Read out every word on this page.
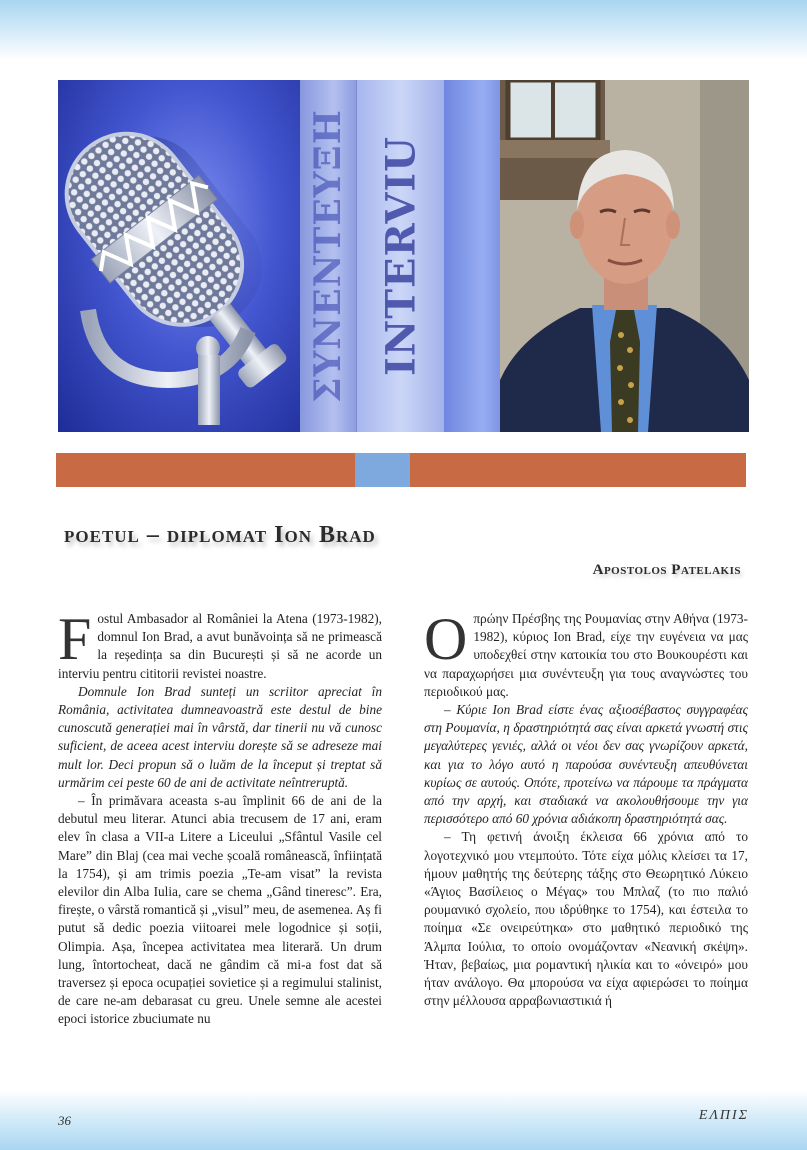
ΣΥΝΕΝΤΕΥΞΗ INTERVIU
poetul – diplomat Ion Brad
Apostolos Patelakis

Fostul Ambasador al României la Atena (1973-1982), domnul Ion Brad, a avut bunăvoința să ne primească la reședința sa din București și să ne acorde un interviu pentru cititorii revistei noastre.

Domnule Ion Brad sunteți un scriitor apreciat în România, activitatea dumneavoastră este destul de bine cunoscută generației mai în vârstă, dar tinerii nu vă cunosc suficient, de aceea acest interviu dorește să se adreseze mai mult lor. Deci propun să o luăm de la început și treptat să urmărim cei peste 60 de ani de activitate neîntreruptă.

– În primăvara aceasta s-au împlinit 66 de ani de la debutul meu literar. Atunci abia trecusem de 17 ani, eram elev în clasa a VII-a Litere a Liceului „Sfântul Vasile cel Mare” din Blaj (cea mai veche școală românească, înființată la 1754), și am trimis poezia „Te-am visat” la revista elevilor din Alba Iulia, care se chema „Gând tineresc”. Era, firește, o vârstă romantică și „visul” meu, de asemenea. Aș fi putut să dedic poezia viitoarei mele logodnice și soții, Olimpia. Așa, începea activitatea mea literară. Un drum lung, întortocheat, dacă ne gândim că mi-a fost dat să traversez și epoca ocupației sovietice și a regimului stalinist, de care ne-am debarasat cu greu. Unele semne ale acestei epoci istorice zbuciumate nu

Οπρώην Πρέσβης της Ρουμανίας στην Αθήνα (1973-1982), κύριος Ion Brad, είχε την ευγένεια να μας υποδεχθεί στην κατοικία του στο Βουκουρέστι και να παραχωρήσει μια συνέντευξη για τους αναγνώστες του περιοδικού μας.

– Κύριε Ion Brad είστε ένας αξιοσέβαστος συγγραφέας στη Ρουμανία, η δραστηριότητά σας είναι αρκετά γνωστή στις μεγαλύτερες γενιές, αλλά οι νέοι δεν σας γνωρίζουν αρκετά, και για το λόγο αυτό η παρούσα συνέντευξη απευθύνεται κυρίως σε αυτούς. Οπότε, προτείνω να πάρουμε τα πράγματα από την αρχή, και σταδιακά να ακολουθήσουμε την για περισσότερο από 60 χρόνια αδιάκοπη δραστηριότητά σας.

– Τη φετινή άνοιξη έκλεισα 66 χρόνια από το λογοτεχνικό μου ντεμπούτο. Τότε είχα μόλις κλείσει τα 17, ήμουν μαθητής της δεύτερης τάξης στο Θεωρητικό Λύκειο «Άγιος Βασίλειος ο Μέγας» του Μπλαζ (το πιο παλιό ρουμανικό σχολείο, που ιδρύθηκε το 1754), και έστειλα το ποίημα «Σε ονειρεύτηκα» στο μαθητικό περιοδικό της Άλμπα Ιούλια, το οποίο ονομάζονταν «Νεανική σκέψη». Ήταν, βεβαίως, μια ρομαντική ηλικία και το «όνειρό» μου ήταν ανάλογο. Θα μπορούσα να είχα αφιερώσει το ποίημα στην μέλλουσα αρραβωνιαστικιά ή

36	ΕΛΠΙΣ
